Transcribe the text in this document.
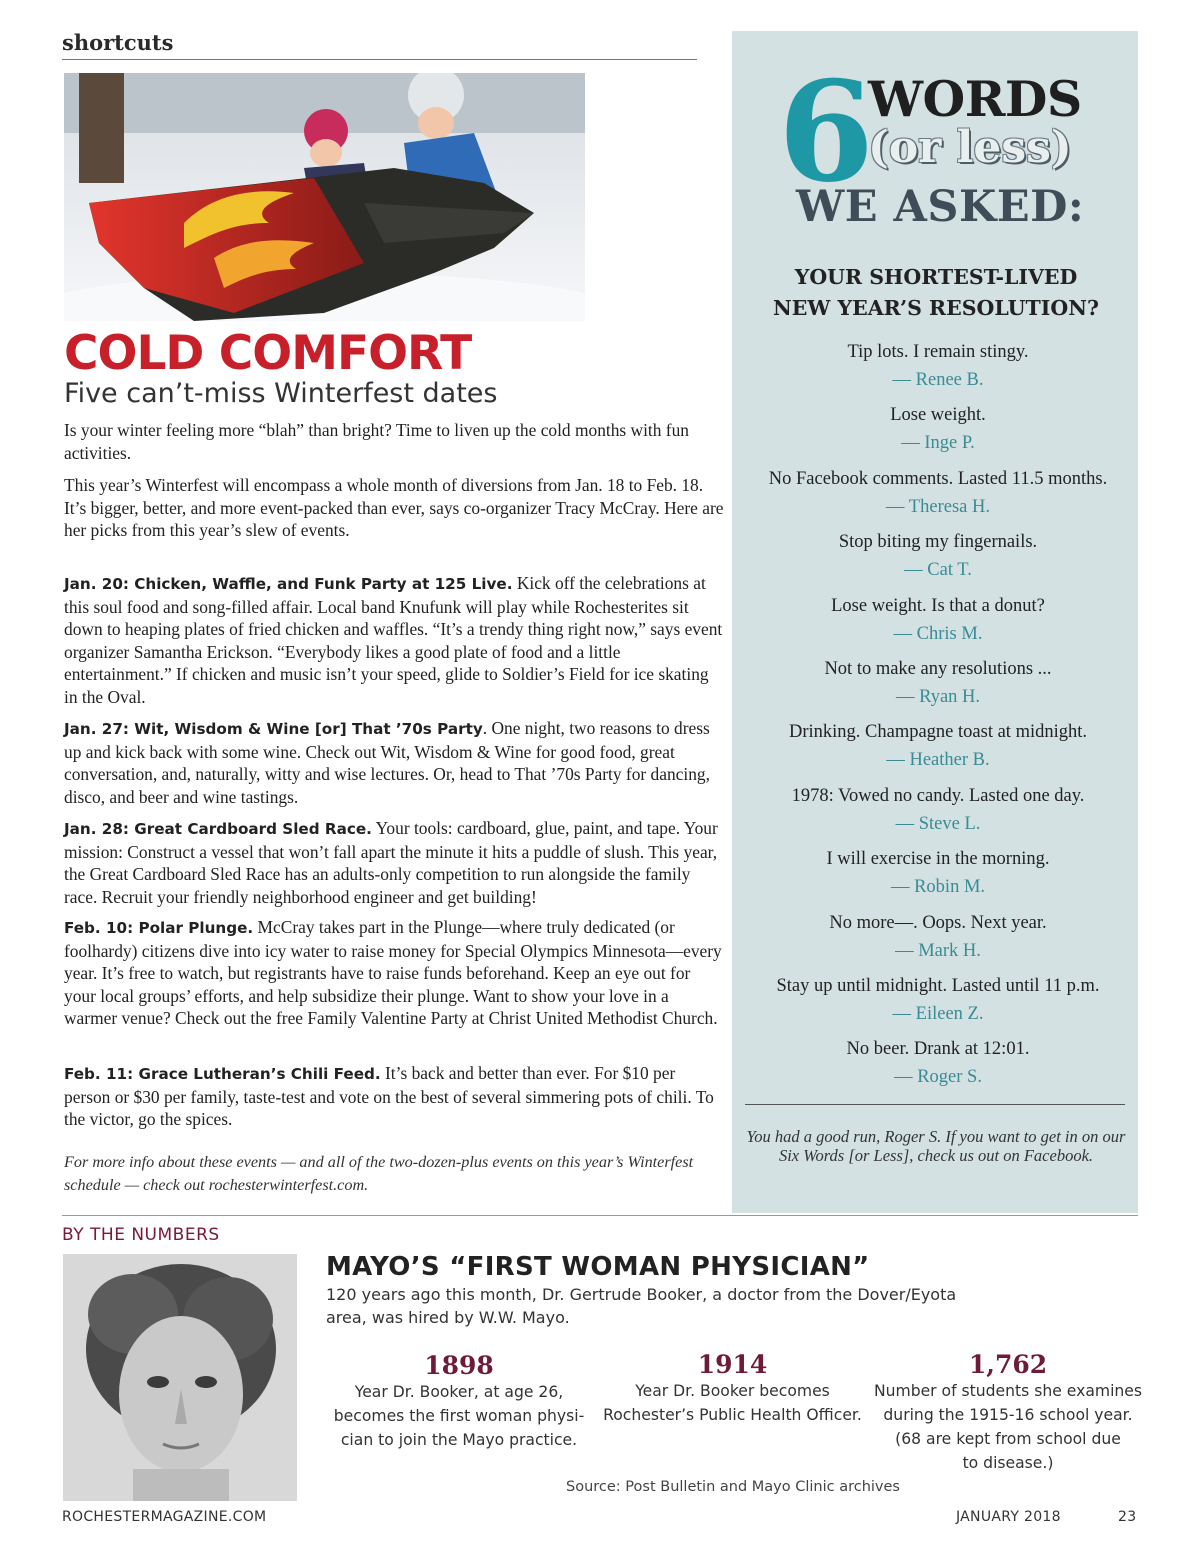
shortcuts
COLD COMFORT
Five can’t-miss Winterfest dates

Is your winter feeling more “blah” than bright? Time to liven up the cold months with fun activities.

This year’s Winterfest will encompass a whole month of diversions from Jan. 18 to Feb. 18. It’s bigger, better, and more event-packed than ever, says co-organizer Tracy McCray. Here are her picks from this year’s slew of events.

Jan. 20: Chicken, Waffle, and Funk Party at 125 Live. Kick off the celebrations at this soul food and song-filled affair. Local band Knufunk will play while Rochesterites sit down to heaping plates of fried chicken and waffles. “It’s a trendy thing right now,” says event organizer Samantha Erickson. “Everybody likes a good plate of food and a little entertainment.” If chicken and music isn’t your speed, glide to Soldier’s Field for ice skating in the Oval.

Jan. 27: Wit, Wisdom & Wine [or] That ’70s Party. One night, two reasons to dress up and kick back with some wine. Check out Wit, Wisdom & Wine for good food, great conversation, and, naturally, witty and wise lectures. Or, head to That ’70s Party for dancing, disco, and beer and wine tastings.

Jan. 28: Great Cardboard Sled Race. Your tools: cardboard, glue, paint, and tape. Your mission: Construct a vessel that won’t fall apart the minute it hits a puddle of slush. This year, the Great Cardboard Sled Race has an adults-only competition to run alongside the family race. Recruit your friendly neighborhood engineer and get building!

Feb. 10: Polar Plunge. McCray takes part in the Plunge—where truly dedicated (or foolhardy) citizens dive into icy water to raise money for Special Olympics Minnesota—every year. It’s free to watch, but registrants have to raise funds beforehand. Keep an eye out for your local groups’ efforts, and help subsidize their plunge. Want to show your love in a warmer venue? Check out the free Family Valentine Party at Christ United Methodist Church.

Feb. 11: Grace Lutheran’s Chili Feed. It’s back and better than ever. For $10 per person or $30 per family, taste-test and vote on the best of several simmering pots of chili. To the victor, go the spices.

For more info about these events — and all of the two-dozen-plus events on this year’s Winterfest schedule — check out rochesterwinterfest.com.

6
WORDS
(or less)
WE ASKED:
YOUR SHORTEST-LIVED
NEW YEAR’S RESOLUTION?
Tip lots. I remain stingy.
— Renee B.
Lose weight.
— Inge P.
No Facebook comments. Lasted 11.5 months.
— Theresa H.
Stop biting my fingernails.
— Cat T.
Lose weight. Is that a donut?
— Chris M.
Not to make any resolutions ...
— Ryan H.
Drinking. Champagne toast at midnight.
— Heather B.
1978: Vowed no candy. Lasted one day.
— Steve L.
I will exercise in the morning.
— Robin M.
No more—. Oops. Next year.
— Mark H.
Stay up until midnight. Lasted until 11 p.m.
— Eileen Z.
No beer. Drank at 12:01.
— Roger S.
You had a good run, Roger S. If you want to get in on our Six Words [or Less], check us out on Facebook.
BY THE NUMBERS
MAYO’S “FIRST WOMAN PHYSICIAN”
120 years ago this month, Dr. Gertrude Booker, a doctor from the Dover/Eyota area, was hired by W.W. Mayo.
1898
Year Dr. Booker, at age 26,
becomes the first woman physi-
cian to join the Mayo practice.
1914
Year Dr. Booker becomes
Rochester’s Public Health Officer.
1,762
Number of students she examines
during the 1915-16 school year.
(68 are kept from school due
to disease.)
Source: Post Bulletin and Mayo Clinic archives
ROCHESTERMAGAZINE.COM	JANUARY 2018	23
